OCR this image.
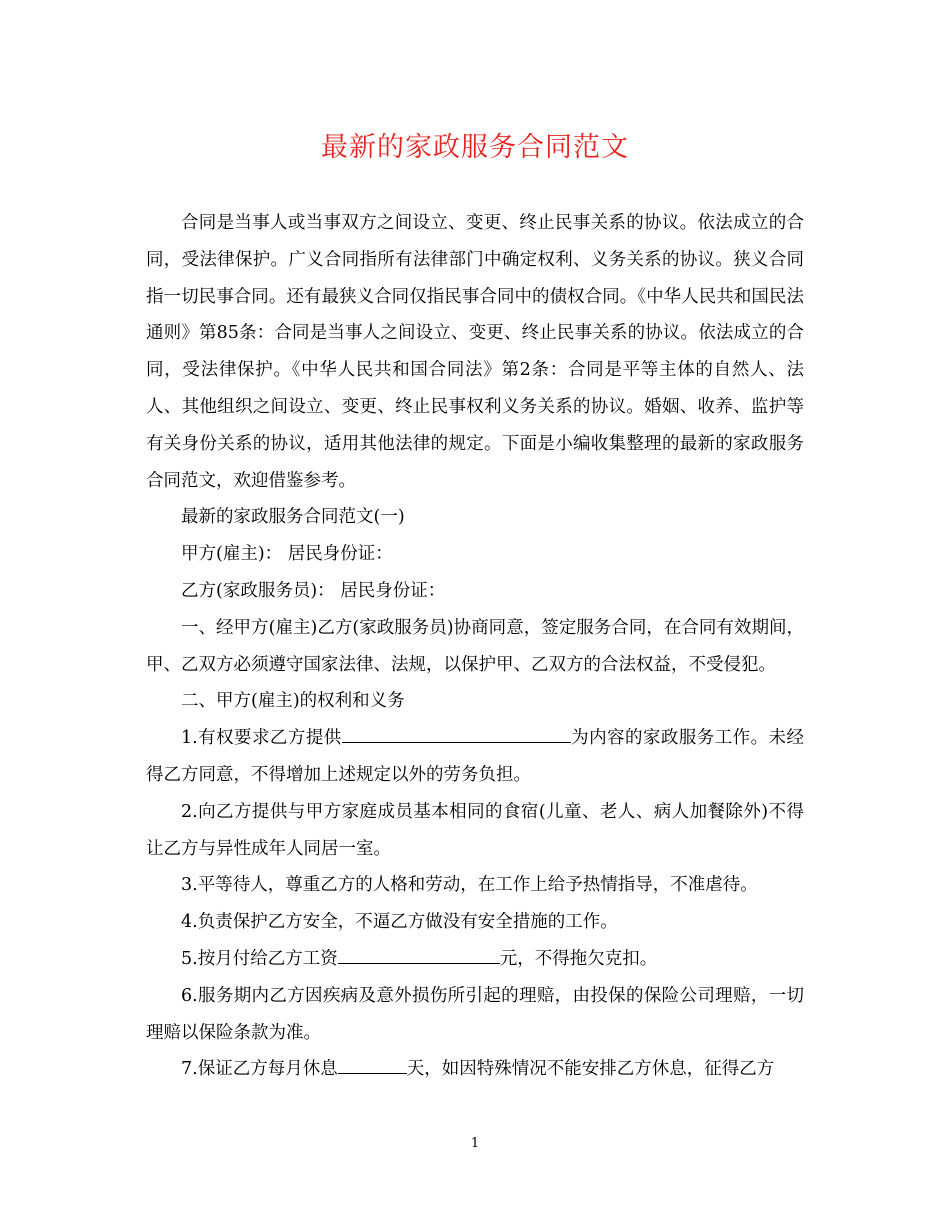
最新的家政服务合同范文

合同是当事人或当事双方之间设立、变更、终止民事关系的协议。依法成立的合同，受法律保护。广义合同指所有法律部门中确定权利、义务关系的协议。狭义合同指一切民事合同。还有最狭义合同仅指民事合同中的债权合同。《中华人民共和国民法通则》第85条：合同是当事人之间设立、变更、终止民事关系的协议。依法成立的合同，受法律保护。《中华人民共和国合同法》第2条：合同是平等主体的自然人、法人、其他组织之间设立、变更、终止民事权利义务关系的协议。婚姻、收养、监护等有关身份关系的协议，适用其他法律的规定。下面是小编收集整理的最新的家政服务合同范文，欢迎借鉴参考。

最新的家政服务合同范文(一)

甲方(雇主)： 居民身份证：

乙方(家政服务员)： 居民身份证：

一、经甲方(雇主)乙方(家政服务员)协商同意，签定服务合同，在合同有效期间，甲、乙双方必须遵守国家法律、法规，以保护甲、乙双方的合法权益，不受侵犯。

二、甲方(雇主)的权利和义务

1.有权要求乙方提供	为内容的家政服务工作。未经得乙方同意，不得增加上述规定以外的劳务负担。

2.向乙方提供与甲方家庭成员基本相同的食宿(儿童、老人、病人加餐除外)不得让乙方与异性成年人同居一室。

3.平等待人，尊重乙方的人格和劳动，在工作上给予热情指导，不准虐待。

4.负责保护乙方安全，不逼乙方做没有安全措施的工作。

5.按月付给乙方工资	元，不得拖欠克扣。

6.服务期内乙方因疾病及意外损伤所引起的理赔，由投保的保险公司理赔，一切理赔以保险条款为准。

7.保证乙方每月休息	天，如因特殊情况不能安排乙方休息，征得乙方

1
